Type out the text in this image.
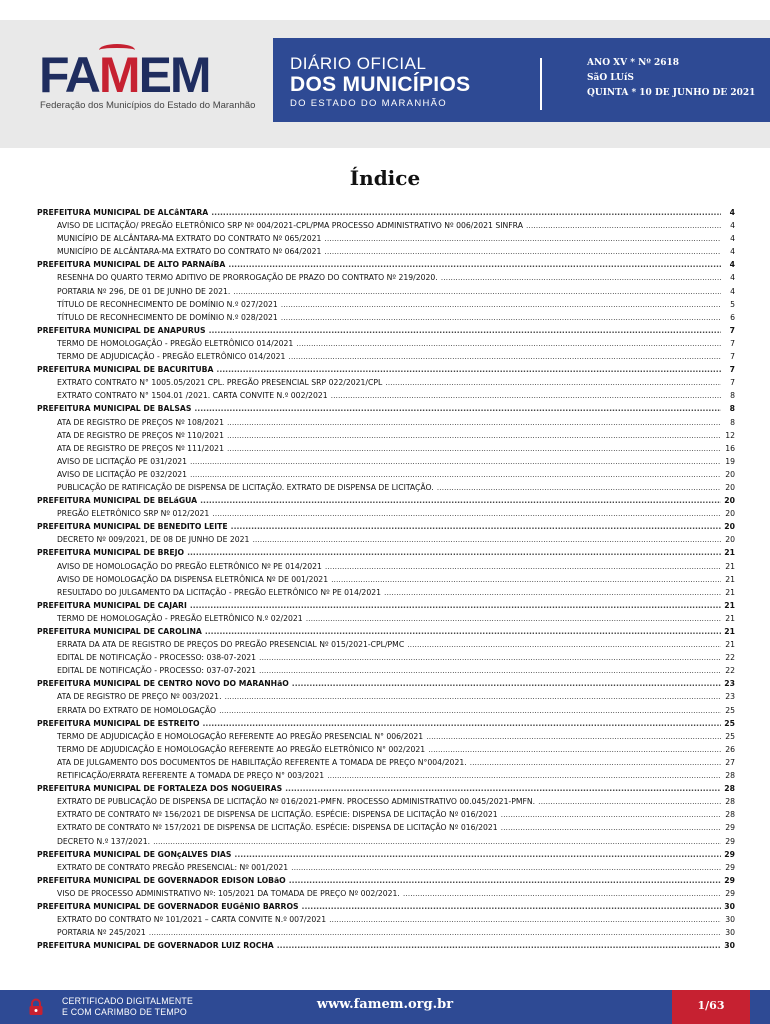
FAMEM
Federação dos Municípios do Estado do Maranhão
DIÁRIO OFICIAL
DOS MUNICÍPIOS
DO ESTADO DO MARANHÃO
ANO XV * Nº 2618
SãO LUíS
QUINTA * 10 DE JUNHO DE 2021
Índice
PREFEITURA MUNICIPAL DE ALCâNTARA .....	4
AVISO DE LICITAÇÃO/ PREGÃO ELETRÔNICO SRP Nº 004/2021-CPL/PMA PROCESSO ADMINISTRATIVO Nº 006/2021 SINFRA .....	4
MUNICÍPIO DE ALCÂNTARA-MA EXTRATO DO CONTRATO Nº 065/2021 .....	4
MUNICÍPIO DE ALCÂNTARA-MA EXTRATO DO CONTRATO Nº 064/2021 .....	4
PREFEITURA MUNICIPAL DE ALTO PARNAíBA .....	4
RESENHA DO QUARTO TERMO ADITIVO DE PRORROGAÇÃO DE PRAZO DO CONTRATO Nº 219/2020. .....	4
PORTARIA Nº 296, DE 01 DE JUNHO DE 2021. .....	4
TÍTULO DE RECONHECIMENTO DE DOMÍNIO N.º 027/2021 .....	5
TÍTULO DE RECONHECIMENTO DE DOMÍNIO N.º 028/2021 .....	6
PREFEITURA MUNICIPAL DE ANAPURUS .....	7
TERMO DE HOMOLOGAÇÃO - PREGÃO ELETRÔNICO 014/2021 .....	7
TERMO DE ADJUDICAÇÃO - PREGÃO ELETRÔNICO 014/2021 .....	7
PREFEITURA MUNICIPAL DE BACURITUBA .....	7
EXTRATO CONTRATO N° 1005.05/2021 CPL. PREGÃO PRESENCIAL SRP 022/2021/CPL .....	7
EXTRATO CONTRATO N° 1504.01 /2021. CARTA CONVITE N.º 002/2021 .....	8
PREFEITURA MUNICIPAL DE BALSAS .....	8
ATA DE REGISTRO DE PREÇOS Nº 108/2021 .....	8
ATA DE REGISTRO DE PREÇOS Nº 110/2021 .....	12
ATA DE REGISTRO DE PREÇOS Nº 111/2021 .....	16
AVISO DE LICITAÇÃO PE 031/2021 .....	19
AVISO DE LICITAÇÃO PE 032/2021 .....	20
PUBLICAÇÃO DE RATIFICAÇÃO DE DISPENSA DE LICITAÇÃO. EXTRATO DE DISPENSA DE LICITAÇÃO. .....	20
PREFEITURA MUNICIPAL DE BELáGUA .....	20
PREGÃO ELETRÔNICO SRP Nº 012/2021 .....	20
PREFEITURA MUNICIPAL DE BENEDITO LEITE .....	20
DECRETO Nº 009/2021, DE 08 DE JUNHO DE 2021 .....	20
PREFEITURA MUNICIPAL DE BREJO .....	21
AVISO DE HOMOLOGAÇÃO DO PREGÃO ELETRÔNICO Nº PE 014/2021 .....	21
AVISO DE HOMOLOGAÇÃO DA DISPENSA ELETRÔNICA Nº DE 001/2021 .....	21
RESULTADO DO JULGAMENTO DA LICITAÇÃO - PREGÃO ELETRÔNICO Nº PE 014/2021 .....	21
PREFEITURA MUNICIPAL DE CAJARI .....	21
TERMO DE HOMOLOGAÇÃO - PREGÃO ELETRÔNICO N.º 02/2021 .....	21
PREFEITURA MUNICIPAL DE CAROLINA .....	21
ERRATA DA ATA DE REGISTRO DE PREÇOS DO PREGÃO PRESENCIAL Nº 015/2021-CPL/PMC .....	21
EDITAL DE NOTIFICAÇÃO - PROCESSO: 038-07-2021 .....	22
EDITAL DE NOTIFICAÇÃO - PROCESSO: 037-07-2021 .....	22
PREFEITURA MUNICIPAL DE CENTRO NOVO DO MARANHãO .....	23
ATA DE REGISTRO DE PREÇO Nº 003/2021. .....	23
ERRATA DO EXTRATO DE HOMOLOGAÇÃO .....	25
PREFEITURA MUNICIPAL DE ESTREITO .....	25
TERMO DE ADJUDICAÇÃO E HOMOLOGAÇÃO REFERENTE AO PREGÃO PRESENCIAL N° 006/2021 .....	25
TERMO DE ADJUDICAÇÃO E HOMOLOGAÇÃO REFERENTE AO PREGÃO ELETRÔNICO N° 002/2021 .....	26
ATA DE JULGAMENTO DOS DOCUMENTOS DE HABILITAÇÃO REFERENTE A TOMADA DE PREÇO N°004/2021. .....	27
RETIFICAÇÃO/ERRATA REFERENTE A TOMADA DE PREÇO N° 003/2021 .....	28
PREFEITURA MUNICIPAL DE FORTALEZA DOS NOGUEIRAS .....	28
EXTRATO DE PUBLICAÇÃO DE DISPENSA DE LICITAÇÃO Nº 016/2021-PMFN. PROCESSO ADMINISTRATIVO 00.045/2021-PMFN. .....	28
EXTRATO DE CONTRATO Nº 156/2021 DE DISPENSA DE LICITAÇÃO. ESPÉCIE: DISPENSA DE LICITAÇÃO Nº 016/2021 .....	28
EXTRATO DE CONTRATO Nº 157/2021 DE DISPENSA DE LICITAÇÃO. ESPÉCIE: DISPENSA DE LICITAÇÃO Nº 016/2021 .....	29
DECRETO N.º 137/2021. .....	29
PREFEITURA MUNICIPAL DE GONçALVES DIAS .....	29
EXTRATO DE CONTRATO PREGÃO PRESENCIAL: Nº 001/2021 .....	29
PREFEITURA MUNICIPAL DE GOVERNADOR EDISON LOBãO .....	29
VISO DE PROCESSO ADMINISTRATIVO Nº: 105/2021 DA TOMADA DE PREÇO Nº 002/2021. .....	29
PREFEITURA MUNICIPAL DE GOVERNADOR EUGêNIO BARROS .....	30
EXTRATO DO CONTRATO Nº 101/2021 – CARTA CONVITE N.º 007/2021 .....	30
PORTARIA Nº 245/2021 .....	30
PREFEITURA MUNICIPAL DE GOVERNADOR LUIZ ROCHA .....	30
CERTIFICADO DIGITALMENTE
E COM CARIMBO DE TEMPO	www.famem.org.br	1/63
